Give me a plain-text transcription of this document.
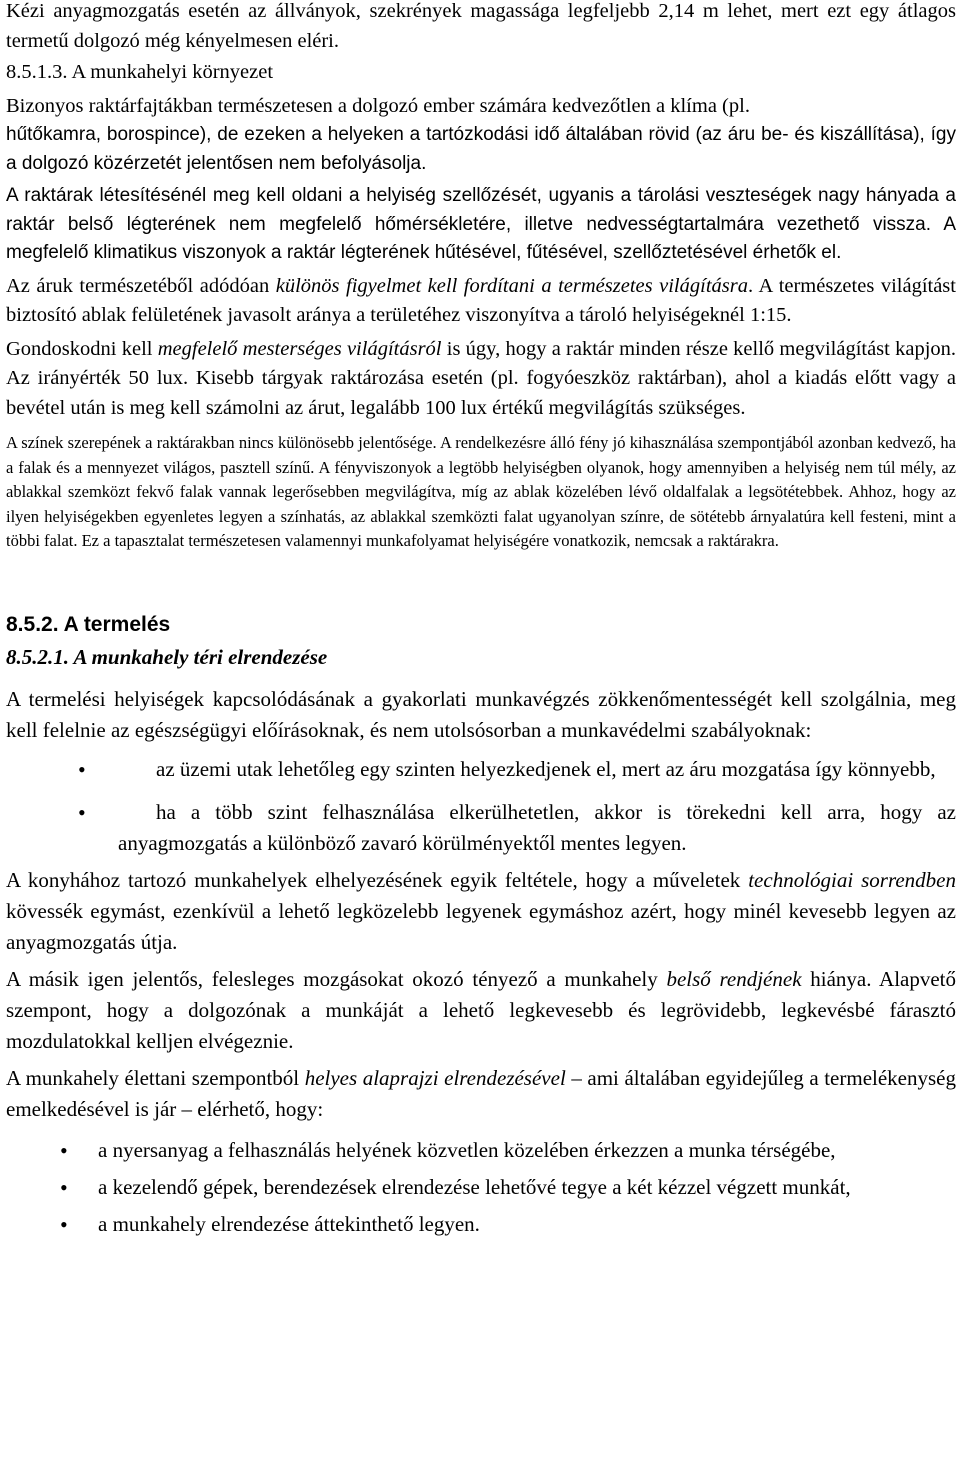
Kézi anyagmozgatás esetén az állványok, szekrények magassága legfeljebb 2,14 m lehet, mert ezt egy átlagos termetű dolgozó még kényelmesen eléri.

8.5.1.3. A munkahelyi környezet

Bizonyos raktárfajtákban természetesen a dolgozó ember számára kedvezőtlen a klíma (pl.

hűtőkamra, borospince), de ezeken a helyeken a tartózkodási idő általában rövid (az áru be- és kiszállítása), így a dolgozó közérzetét jelentősen nem befolyásolja.

A raktárak létesítésénél meg kell oldani a helyiség szellőzését, ugyanis a tárolási veszteségek nagy hányada a raktár belső légterének nem megfelelő hőmérsékletére, illetve nedvességtartalmára vezethető vissza. A megfelelő klimatikus viszonyok a raktár légterének hűtésével, fűtésével, szellőztetésével érhetők el.

Az áruk természetéből adódóan különös figyelmet kell fordítani a természetes világításra. A természetes világítást biztosító ablak felületének javasolt aránya a területéhez viszonyítva a tároló helyiségeknél 1:15.

Gondoskodni kell megfelelő mesterséges világításról is úgy, hogy a raktár minden része kellő megvilágítást kapjon. Az irányérték 50 lux. Kisebb tárgyak raktározása esetén (pl. fogyóeszköz raktárban), ahol a kiadás előtt vagy a bevétel után is meg kell számolni az árut, legalább 100 lux értékű megvilágítás szükséges.

A színek szerepének a raktárakban nincs különösebb jelentősége. A rendelkezésre álló fény jó kihasználása szempontjából azonban kedvező, ha a falak és a mennyezet világos, pasztell színű. A fényviszonyok a legtöbb helyiségben olyanok, hogy amennyiben a helyiség nem túl mély, az ablakkal szemközt fekvő falak vannak legerősebben megvilágítva, míg az ablak közelében lévő oldalfalak a legsötétebbek. Ahhoz, hogy az ilyen helyiségekben egyenletes legyen a színhatás, az ablakkal szemközti falat ugyanolyan színre, de sötétebb árnyalatúra kell festeni, mint a többi falat. Ez a tapasztalat természetesen valamennyi munkafolyamat helyiségére vonatkozik, nemcsak a raktárakra.

8.5.2. A termelés

8.5.2.1. A munkahely téri elrendezése

A termelési helyiségek kapcsolódásának a gyakorlati munkavégzés zökkenőmentességét kell szolgálnia, meg kell felelnie az egészségügyi előírásoknak, és nem utolsósorban a munkavédelmi szabályoknak:

•	az üzemi utak lehetőleg egy szinten helyezkedjenek el, mert az áru mozgatása így könnyebb,
•	ha a több szint felhasználása elkerülhetetlen, akkor is törekedni kell arra, hogy az anyagmozgatás a különböző zavaró körülményektől mentes legyen.

A konyhához tartozó munkahelyek elhelyezésének egyik feltétele, hogy a műveletek technológiai sorrendben kövessék egymást, ezenkívül a lehető legközelebb legyenek egymáshoz azért, hogy minél kevesebb legyen az anyagmozgatás útja.

A másik igen jelentős, felesleges mozgásokat okozó tényező a munkahely belső rendjének hiánya. Alapvető szempont, hogy a dolgozónak a munkáját a lehető legkevesebb és legrövidebb, legkevésbé fárasztó mozdulatokkal kelljen elvégeznie.

A munkahely élettani szempontból helyes alaprajzi elrendezésével – ami általában egyidejűleg a termelékenység emelkedésével is jár – elérhető, hogy:

• a nyersanyag a felhasználás helyének közvetlen közelében érkezzen a munka térségébe,
• a kezelendő gépek, berendezések elrendezése lehetővé tegye a két kézzel végzett munkát,
• a munkahely elrendezése áttekinthető legyen.
